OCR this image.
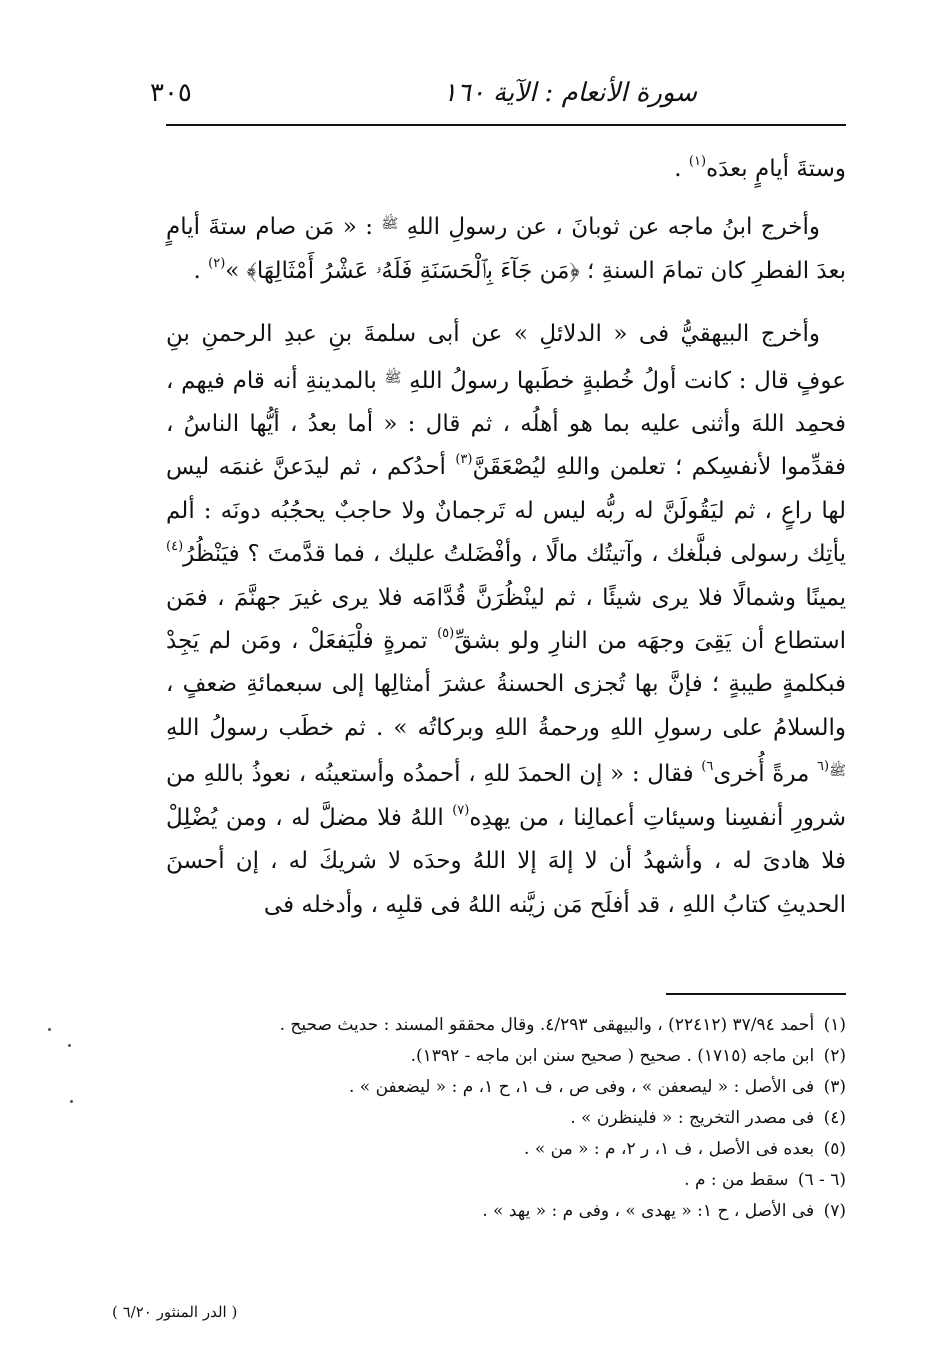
٣٠٥	سورة الأنعام : الآية ١٦٠

وستةَ أيامٍ بعدَه$^{(١)}$ .

وأخرج ابنُ ماجه عن ثوبانَ ، عن رسولِ اللهِ $^ﷺ$ : « مَن صام ستةَ أيامٍ بعدَ الفطرِ كان تمامَ السنةِ ؛ ﴿مَن جَآءَ بِٱلْحَسَنَةِ فَلَهُۥ عَشْرُ أَمْثَالِهَا﴾ »$^{(٢)}$ .

وأخرج البيهقيُّ فى « الدلائلِ » عن أبى سلمةَ بنِ عبدِ الرحمنِ بنِ عوفٍ قال : كانت أولُ خُطبةٍ خطَبها رسولُ اللهِ $^ﷺ$ بالمدينةِ أنه قام فيهم ، فحمِد اللهَ وأثنى عليه بما هو أهلُه ، ثم قال : « أما بعدُ ، أيُّها الناسُ ، فقدِّموا لأنفسِكم ؛ تعلمن واللهِ ليُصْعَقَنَّ$^{(٣)}$ أحدُكم ، ثم ليدَعنَّ غنمَه ليس لها راعٍ ، ثم ليَقُولَنَّ له ربُّه ليس له تَرجمانٌ ولا حاجبٌ يحجُبُه دونَه : ألم يأتِك رسولى فبلَّغك ، وآتيتُك مالًا ، وأفْضَلتُ عليك ، فما قدَّمتَ ؟ فيَنْظُرُ$^{(٤)}$ يمينًا وشمالًا فلا يرى شيئًا ، ثم لينْظُرَنَّ قُدَّامَه فلا يرى غيرَ جهنَّمَ ، فمَن استطاع أن يَقِىَ وجهَه من النارِ ولو بشقِّ$^{(٥)}$ تمرةٍ فلْيَفعَلْ ، ومَن لم يَجِدْ فبكلمةٍ طيبةٍ ؛ فإنَّ بها تُجزى الحسنةُ عشرَ أمثالِها إلى سبعمائةِ ضعفٍ ، والسلامُ على رسولِ اللهِ ورحمةُ اللهِ وبركاتُه » . ثم خطَب رسولُ اللهِ $^{ﷺ(٦}$ مرةً أُخرى$^{٦)}$ فقال : « إن الحمدَ للهِ ، أحمدُه وأستعينُه ، نعوذُ باللهِ من شرورِ أنفسِنا وسيئاتِ أعمالِنا ، من يهدِه$^{(٧)}$ اللهُ فلا مضلَّ له ، ومن يُضْلِلْ فلا هادىَ له ، وأشهدُ أن لا إلهَ إلا اللهُ وحدَه لا شريكَ له ، إن أحسنَ الحديثِ كتابُ اللهِ ، قد أفلَح مَن زيَّنه اللهُ فى قلبِه ، وأدخله فى

(١) أحمد ٣٧/٩٤ (٢٢٤١٢) ، والبيهقى ٤/٢٩٣. وقال محققو المسند : حديث صحيح .

(٢) ابن ماجه (١٧١٥) . صحيح ( صحيح سنن ابن ماجه - ١٣٩٢).

(٣) فى الأصل : « ليصعفن » ، وفى ص ، ف ١، ح ١، م : « ليضعفن » .

(٤) فى مصدر التخريج : « فلينظرن » .

(٥) بعده فى الأصل ، ف ١، ر ٢، م : « من » .

(٦ - ٦) سقط من : م .

(٧) فى الأصل ، ح ١: « يهدى » ، وفى م : « يهد » .

( الدر المنثور ٦/٢٠ )
